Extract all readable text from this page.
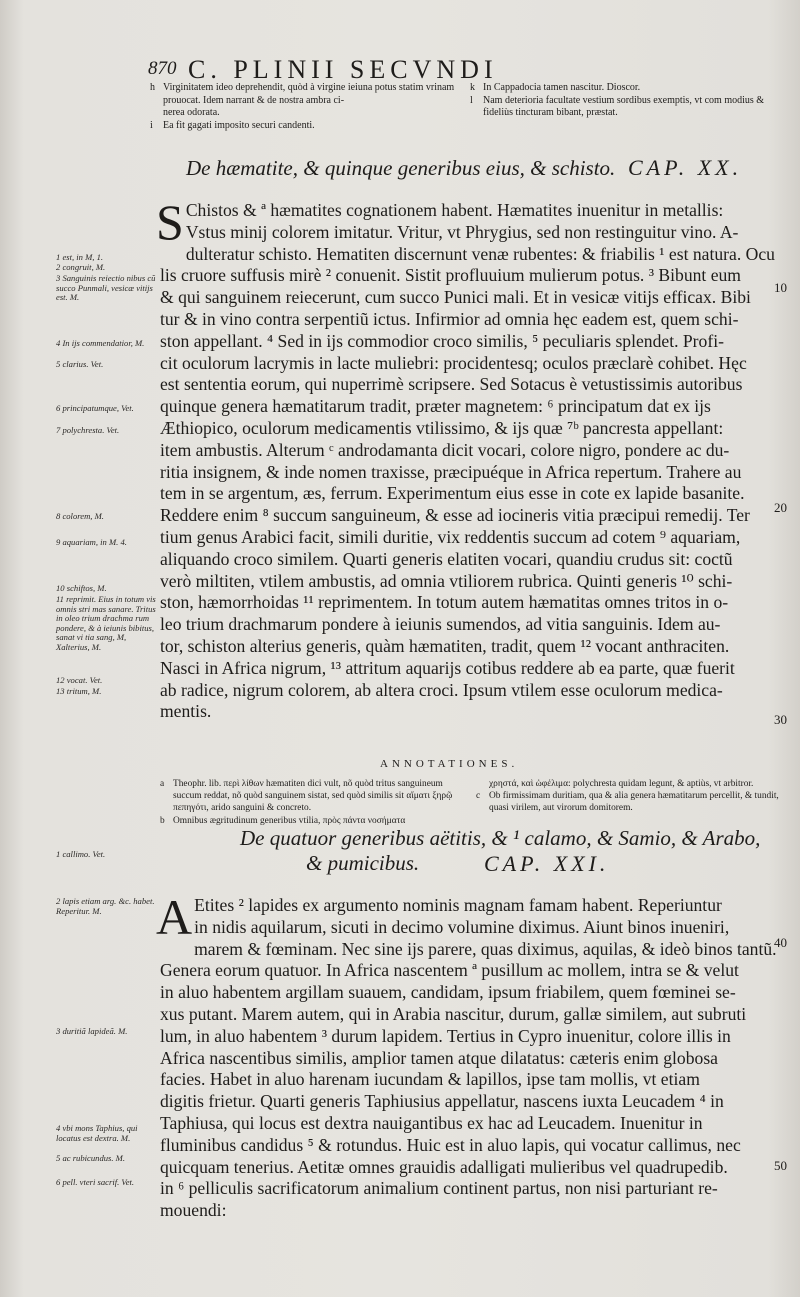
870 C. PLINII SECVNDI
h Virginitatem ideo deprehendit, quòd à virgine ieiuna potus statim vrinam prouocat. Idem narrant & de nostra ambra ci-
nerea odorata.
i	Ea fit gagati imposito securi candenti.
k In Cappadocia tamen nascitur. Dioscor.
l	Nam deterioria facultate vestium sordibus exemptis, vt com modius & fideliùs tincturam bibant, præstat.
De hæmatite, & quinque generibus eius, & schisto. CAP. XX.
S Chistos & ª hæmatites cognationem habent. Hæmatites inuenitur in metallis:
Vstus minij colorem imitatur. Vritur, vt Phrygius, sed non restinguitur vino. A-
dulteratur schisto. Hematiten discernunt venæ rubentes: & friabilis ¹ est natura. Ocu
lis cruore suffusis mirè ² conuenit. Sistit profluuium mulierum potus. ³ Bibunt eum
& qui sanguinem reiecerunt, cum succo Punici mali. Et in vesicæ vitijs efficax. Bibi
tur & in vino contra serpentiũ ictus. Infirmior ad omnia hęc eadem est, quem schi-
ston appellant. ⁴ Sed in ijs commodior croco similis, ⁵ peculiaris splendet. Profi-
cit oculorum lacrymis in lacte muliebri: procidentesq; oculos præclarè cohibet. Hęc
est sententia eorum, qui nuperrimè scripsere. Sed Sotacus è vetustissimis autoribus
quinque genera hæmatitarum tradit, præter magnetem: ⁶ principatum dat ex ijs
Æthiopico, oculorum medicamentis vtilissimo, & ijs quæ ⁷ᵇ pancresta appellant:
item ambustis. Alterum ᶜ androdamanta dicit vocari, colore nigro, pondere ac du-
ritia insignem, & inde nomen traxisse, præcipuéque in Africa repertum. Trahere au
tem in se argentum, æs, ferrum. Experimentum eius esse in cote ex lapide basanite.
Reddere enim ⁸ succum sanguineum, & esse ad iocineris vitia præcipui remedij. Ter
tium genus Arabici facit, simili duritie, vix reddentis succum ad cotem ⁹ aquariam,
aliquando croco similem. Quarti generis elatiten vocari, quandiu crudus sit: coctũ
verò miltiten, vtilem ambustis, ad omnia vtiliorem rubrica. Quinti generis ¹⁰ schi-
ston, hæmorrhoidas ¹¹ reprimentem. In totum autem hæmatitas omnes tritos in o-
leo trium drachmarum pondere à ieiunis sumendos, ad vitia sanguinis. Idem au-
tor, schiston alterius generis, quàm hæmatiten, tradit, quem ¹² vocant anthraciten.
Nasci in Africa nigrum, ¹³ attritum aquarijs cotibus reddere ab ea parte, quæ fuerit
ab radice, nigrum colorem, ab altera croci. Ipsum vtilem esse oculorum medica-
mentis.
1 est, in M, 1.
2 congruit, M.
3 Sanguinis reiectio nibus cũ succo Punmali, vesicæ vitijs est. M.
4 In ijs commendatior, M.
5 clarius. Vet.
6 principatumque, Vet.
7 polychresta. Vet.
8 colorem, M.
9 aquariam, in M. 4.
10 schiftos, M.
11 reprimit. Eius in totum vis omnis stri mas sanare. Tritus in oleo trium drachma rum pondere, & à ieiunis bibitus, sanat vi tia sang, M, Xalterius, M.
12 vocat. Vet.
13 tritum, M.
10
20
30
40
50
ANNOTATIONES.
a Theophr. lib. περὶ λίθων hæmatiten dici vult, nõ quòd tritus sanguineum succum reddat, nõ quòd sanguinem sistat, sed quòd similis sit αἵματι ξηρῷ πεπηγότι, arido sanguini & concreto.
b Omnibus ægritudinum generibus vtilia, πρὸς πάντα νοσήματα
χρηστά, καὶ ὠφέλιμα: polychresta quidam legunt, & aptiùs, vt arbitror.
c Ob firmissimam duritiam, qua & alia genera hæmatitarum percellit, & tundit, quasi virilem, aut virorum domitorem.
De quatuor generibus aëtitis, & ¹ calamo, & Samio, & Arabo,
& pumicibus.	CAP. XXI.
A Etites ² lapides ex argumento nominis magnam famam habent. Reperiuntur
in nidis aquilarum, sicuti in decimo volumine diximus. Aiunt binos inueniri,
marem & fœminam. Nec sine ijs parere, quas diximus, aquilas, & ideò binos tantũ.
Genera eorum quatuor. In Africa nascentem ª pusillum ac mollem, intra se & velut
in aluo habentem argillam suauem, candidam, ipsum friabilem, quem fœminei se-
xus putant. Marem autem, qui in Arabia nascitur, durum, gallæ similem, aut subruti
lum, in aluo habentem ³ durum lapidem. Tertius in Cypro inuenitur, colore illis in
Africa nascentibus similis, amplior tamen atque dilatatus: cæteris enim globosa
facies. Habet in aluo harenam iucundam & lapillos, ipse tam mollis, vt etiam
digitis frietur. Quarti generis Taphiusius appellatur, nascens iuxta Leucadem ⁴ in
Taphiusa, qui locus est dextra nauigantibus ex hac ad Leucadem. Inuenitur in
fluminibus candidus ⁵ & rotundus. Huic est in aluo lapis, qui vocatur callimus, nec
quicquam tenerius. Aetitæ omnes grauidis adalligati mulieribus vel quadrupedib.
in ⁶ pelliculis sacrificatorum animalium continent partus, non nisi parturiant re-
mouendi:
1 callimo. Vet.
2 lapis etiam arg. &c. habet. Reperitur. M.
3 duritiã lapideã. M.
4 vbi mons Taphius, qui locatus est dextra. M.
5 ac rubicundus. M.
6 pell. vteri sacrif. Vet.
